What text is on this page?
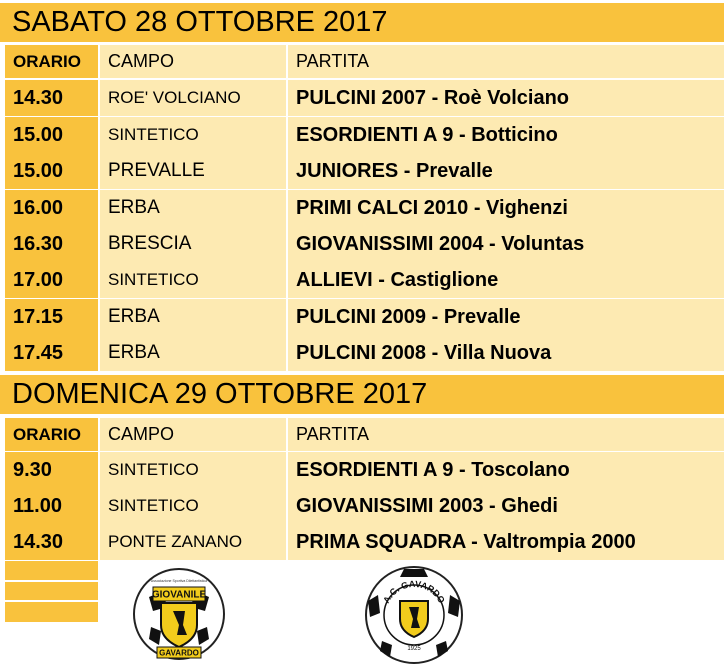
SABATO 28 OTTOBRE 2017
ORARIO	CAMPO	PARTITA
14.30	ROE' VOLCIANO	PULCINI 2007 - Roè Volciano
15.00	SINTETICO	ESORDIENTI A 9 - Botticino
15.00	PREVALLE	JUNIORES - Prevalle
16.00	ERBA	PRIMI CALCI 2010 - Vighenzi
16.30	BRESCIA	GIOVANISSIMI 2004 - Voluntas
17.00	SINTETICO	ALLIEVI - Castiglione
17.15	ERBA	PULCINI 2009 - Prevalle
17.45	ERBA	PULCINI 2008 - Villa Nuova
DOMENICA 29 OTTOBRE 2017
ORARIO	CAMPO	PARTITA
9.30	SINTETICO	ESORDIENTI A 9 - Toscolano
11.00	SINTETICO	GIOVANISSIMI 2003 - Ghedi
14.30	PONTE ZANANO	PRIMA SQUADRA - Valtrompia 2000
GIOVANILE
GAVARDO
Associazione Sportiva Dilettantistica
A.C. GAVARDO
1925
